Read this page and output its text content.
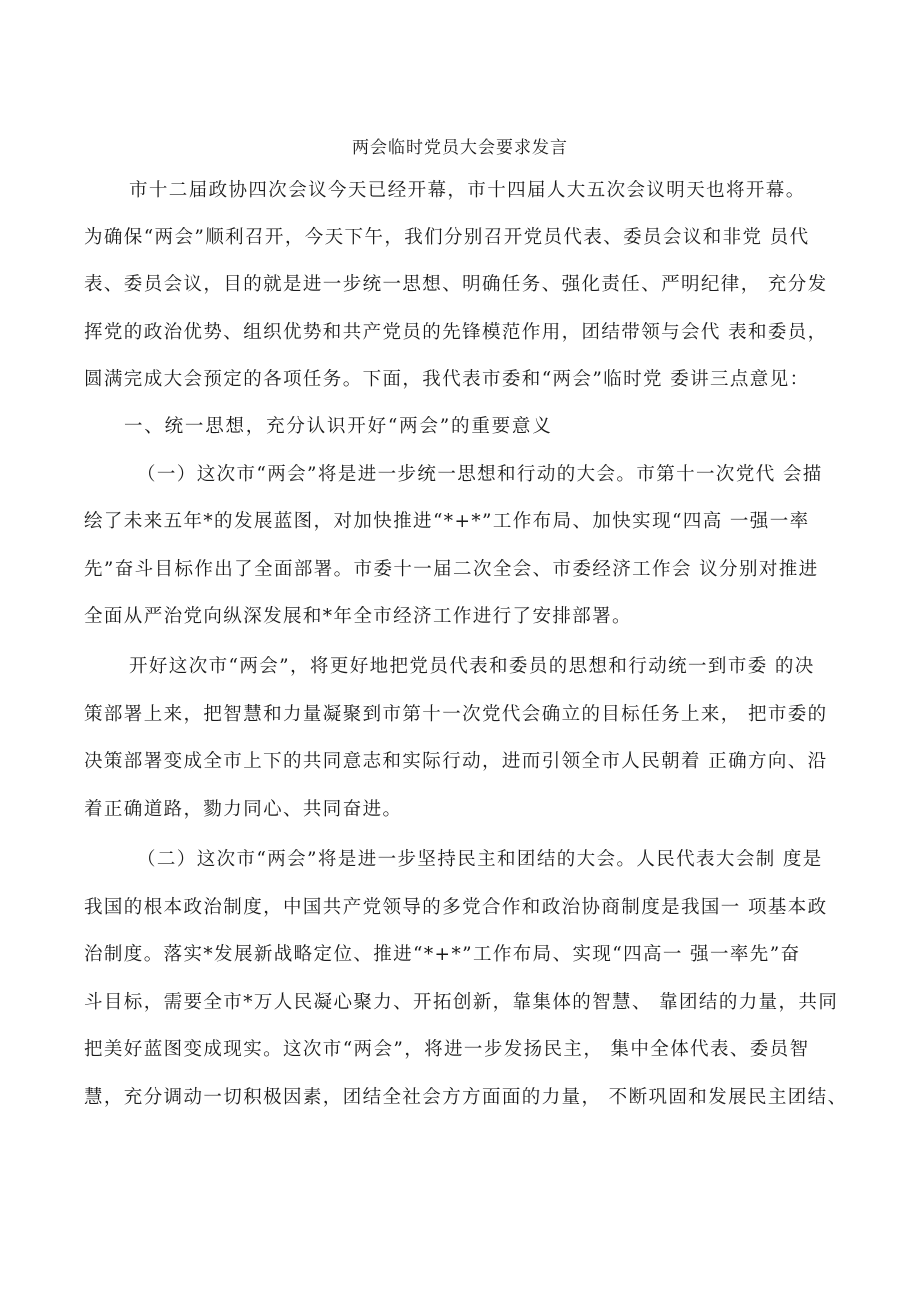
两会临时党员大会要求发言
市十二届政协四次会议今天已经开幕，市十四届人大五次会议明天也将开幕。
为确保“两会”顺利召开，今天下午，我们分别召开党员代表、委员会议和非党 员代
表、委员会议，目的就是进一步统一思想、明确任务、强化责任、严明纪律， 充分发
挥党的政治优势、组织优势和共产党员的先锋模范作用，团结带领与会代 表和委员，
圆满完成大会预定的各项任务。下面，我代表市委和“两会”临时党 委讲三点意见：
一、统一思想，充分认识开好“两会”的重要意义
（一）这次市“两会”将是进一步统一思想和行动的大会。市第十一次党代 会描
绘了未来五年*的发展蓝图，对加快推进“*+*”工作布局、加快实现“四高 一强一率
先”奋斗目标作出了全面部署。市委十一届二次全会、市委经济工作会 议分别对推进
全面从严治党向纵深发展和*年全市经济工作进行了安排部署。
开好这次市“两会”，将更好地把党员代表和委员的思想和行动统一到市委 的决
策部署上来，把智慧和力量凝聚到市第十一次党代会确立的目标任务上来， 把市委的
决策部署变成全市上下的共同意志和实际行动，进而引领全市人民朝着 正确方向、沿
着正确道路，勠力同心、共同奋进。
（二）这次市“两会”将是进一步坚持民主和团结的大会。人民代表大会制 度是
我国的根本政治制度，中国共产党领导的多党合作和政治协商制度是我国一 项基本政
治制度。落实*发展新战略定位、推进“*+*”工作布局、实现“四高一 强一率先”奋
斗目标，需要全市*万人民凝心聚力、开拓创新，靠集体的智慧、 靠团结的力量，共同
把美好蓝图变成现实。这次市“两会”，将进一步发扬民主， 集中全体代表、委员智
慧，充分调动一切积极因素，团结全社会方方面面的力量， 不断巩固和发展民主团结、
